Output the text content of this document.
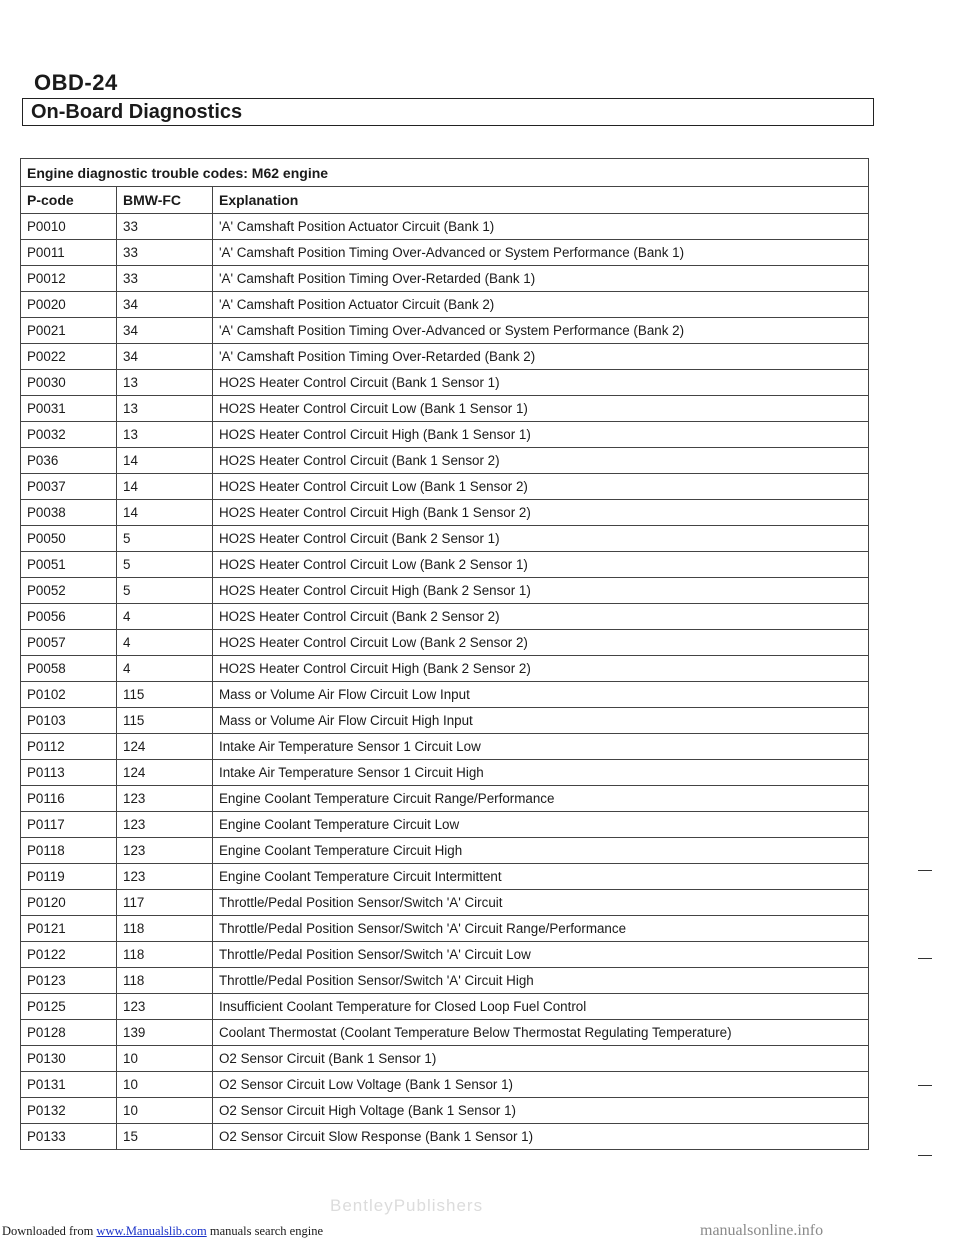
OBD-24
On-Board Diagnostics
Engine diagnostic trouble codes: M62 engine		
P-code	BMW-FC	Explanation
P0010	33	'A' Camshaft Position Actuator Circuit (Bank 1)
P0011	33	'A' Camshaft Position Timing Over-Advanced or System Performance (Bank 1)
P0012	33	'A' Camshaft Position Timing Over-Retarded (Bank 1)
P0020	34	'A' Camshaft Position Actuator Circuit (Bank 2)
P0021	34	'A' Camshaft Position Timing Over-Advanced or System Performance (Bank 2)
P0022	34	'A' Camshaft Position Timing Over-Retarded (Bank 2)
P0030	13	HO2S Heater Control Circuit (Bank 1 Sensor 1)
P0031	13	HO2S Heater Control Circuit Low (Bank 1 Sensor 1)
P0032	13	HO2S Heater Control Circuit High (Bank 1 Sensor 1)
P036	14	HO2S Heater Control Circuit (Bank 1 Sensor 2)
P0037	14	HO2S Heater Control Circuit Low (Bank 1 Sensor 2)
P0038	14	HO2S Heater Control Circuit High (Bank 1 Sensor 2)
P0050	5	HO2S Heater Control Circuit (Bank 2 Sensor 1)
P0051	5	HO2S Heater Control Circuit Low (Bank 2 Sensor 1)
P0052	5	HO2S Heater Control Circuit High (Bank 2 Sensor 1)
P0056	4	HO2S Heater Control Circuit (Bank 2 Sensor 2)
P0057	4	HO2S Heater Control Circuit Low (Bank 2 Sensor 2)
P0058	4	HO2S Heater Control Circuit High (Bank 2 Sensor 2)
P0102	115	Mass or Volume Air Flow Circuit Low Input
P0103	115	Mass or Volume Air Flow Circuit High Input
P0112	124	Intake Air Temperature Sensor 1 Circuit Low
P0113	124	Intake Air Temperature Sensor 1 Circuit High
P0116	123	Engine Coolant Temperature Circuit Range/Performance
P0117	123	Engine Coolant Temperature Circuit Low
P0118	123	Engine Coolant Temperature Circuit High
P0119	123	Engine Coolant Temperature Circuit Intermittent
P0120	117	Throttle/Pedal Position Sensor/Switch 'A' Circuit
P0121	118	Throttle/Pedal Position Sensor/Switch 'A' Circuit Range/Performance
P0122	118	Throttle/Pedal Position Sensor/Switch 'A' Circuit Low
P0123	118	Throttle/Pedal Position Sensor/Switch 'A' Circuit High
P0125	123	Insufficient Coolant Temperature for Closed Loop Fuel Control
P0128	139	Coolant Thermostat (Coolant Temperature Below Thermostat Regulating Temperature)
P0130	10	O2 Sensor Circuit (Bank 1 Sensor 1)
P0131	10	O2 Sensor Circuit Low Voltage (Bank 1 Sensor 1)
P0132	10	O2 Sensor Circuit High Voltage (Bank 1 Sensor 1)
P0133	15	O2 Sensor Circuit Slow Response (Bank 1 Sensor 1)
BentleyPublishers
Downloaded from www.Manualslib.com manuals search engine	manualsonline.info
